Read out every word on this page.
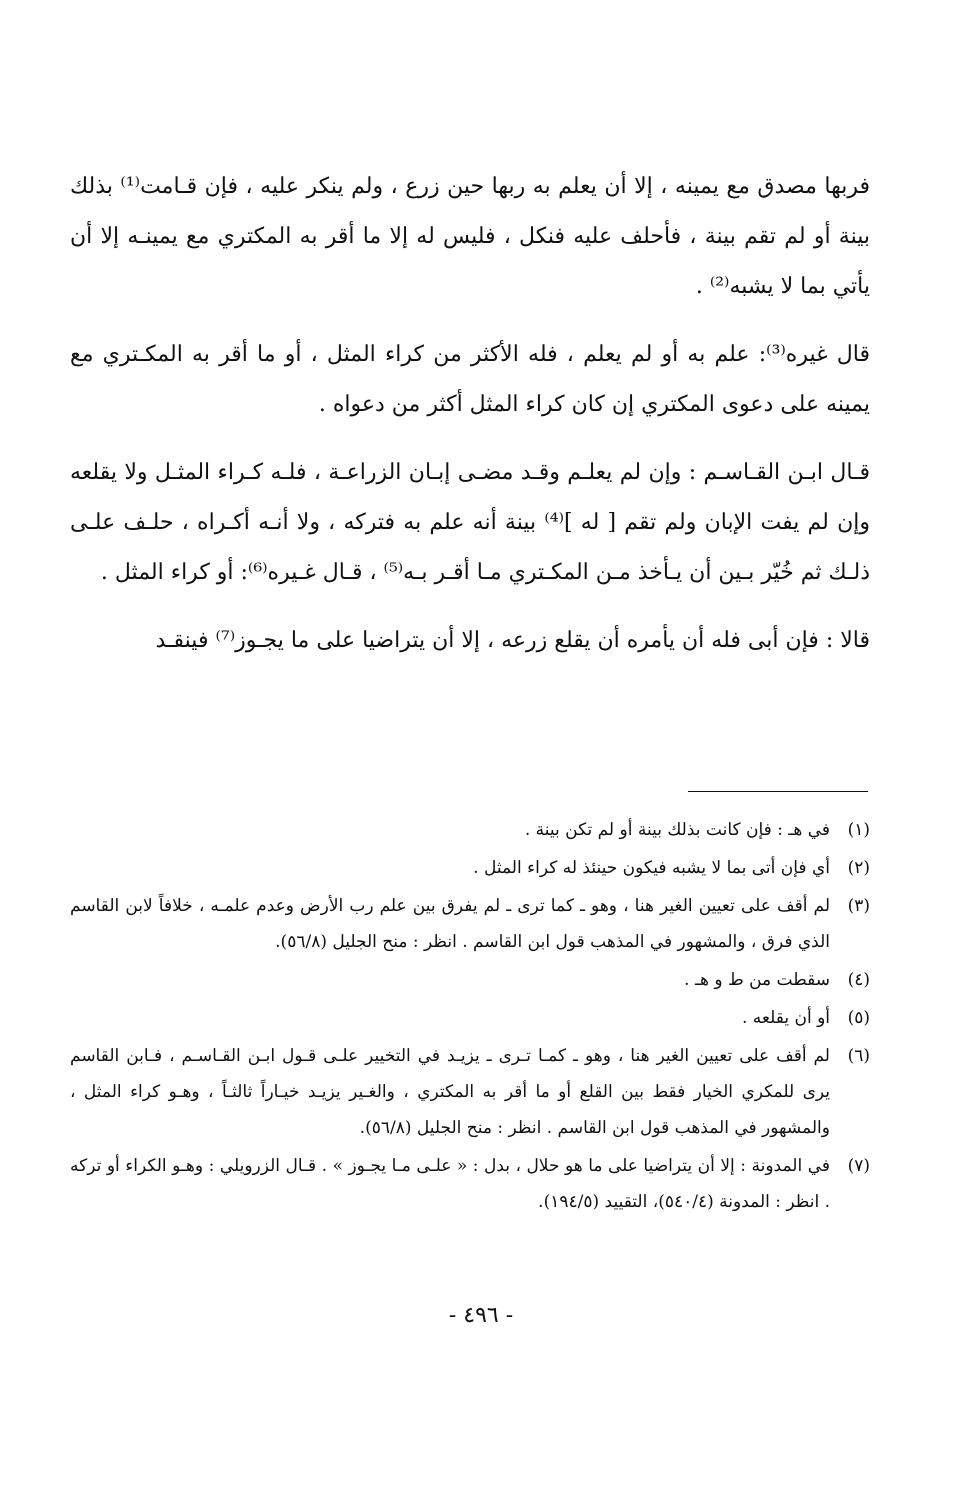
فربها مصدق مع يمينه ، إلا أن يعلم به ربها حين زرع ، ولم ينكر عليه ، فإن قـامت⁽¹⁾ بذلك بينة أو لم تقم بينة ، فأحلف عليه فنكل ، فليس له إلا ما أقر به المكتري مع يمينـه إلا أن يأتي بما لا يشبه⁽²⁾ .

قال غيره⁽³⁾: علم به أو لم يعلم ، فله الأكثر من كراء المثل ، أو ما أقر به المكـتري مع يمينه على دعوى المكتري إن كان كراء المثل أكثر من دعواه .

قـال ابـن القـاسـم : وإن لم يعلـم وقـد مضـى إبـان الزراعـة ، فلـه كـراء المثـل ولا يقلعه وإن لم يفت الإبان ولم تقم [ له ]⁽⁴⁾ بينة أنه علم به فتركه ، ولا أنـه أكـراه ، حلـف علـى ذلـك ثم خُيّر بـين أن يـأخذ مـن المكـتري مـا أقـر بـه⁽⁵⁾ ، قـال غـيره⁽⁶⁾: أو كراء المثل .

قالا : فإن أبى فله أن يأمره أن يقلع زرعه ، إلا أن يتراضيا على ما يجـوز⁽⁷⁾ فينقـد

(١)
في هـ : فإن كانت بذلك بينة أو لم تكن بينة .
(٢)
أي فإن أتى بما لا يشبه فيكون حينئذ له كراء المثل .
(٣)
لم أقف على تعيين الغير هنا ، وهو ـ كما ترى ـ لم يفرق بين علم رب الأرض وعدم علمـه ، خلافاً لابن القاسم الذي فرق ، والمشهور في المذهب قول ابن القاسم . انظر : منح الجليل (٥٦/٨).
(٤)
سقطت من ط و هـ .
(٥)
أو أن يقلعه .
(٦)
لم أقف على تعيين الغير هنا ، وهو ـ كمـا تـرى ـ يزيـد في التخيير علـى قـول ابـن القـاسـم ، فـابن القاسم يرى للمكري الخيار فقط بين القلع أو ما أقر به المكتري ، والغـير يزيـد خيـاراً ثالثـاً ، وهـو كراء المثل ، والمشهور في المذهب قول ابن القاسم . انظر : منح الجليل (٥٦/٨).
(٧)
في المدونة : إلا أن يتراضيا على ما هو حلال ، بدل : « علـى مـا يجـوز » . قـال الزرويلي : وهـو الكراء أو تركه . انظر : المدونة (٥٤٠/٤)، التقييد (١٩٤/٥).
- ٤٩٦ -
